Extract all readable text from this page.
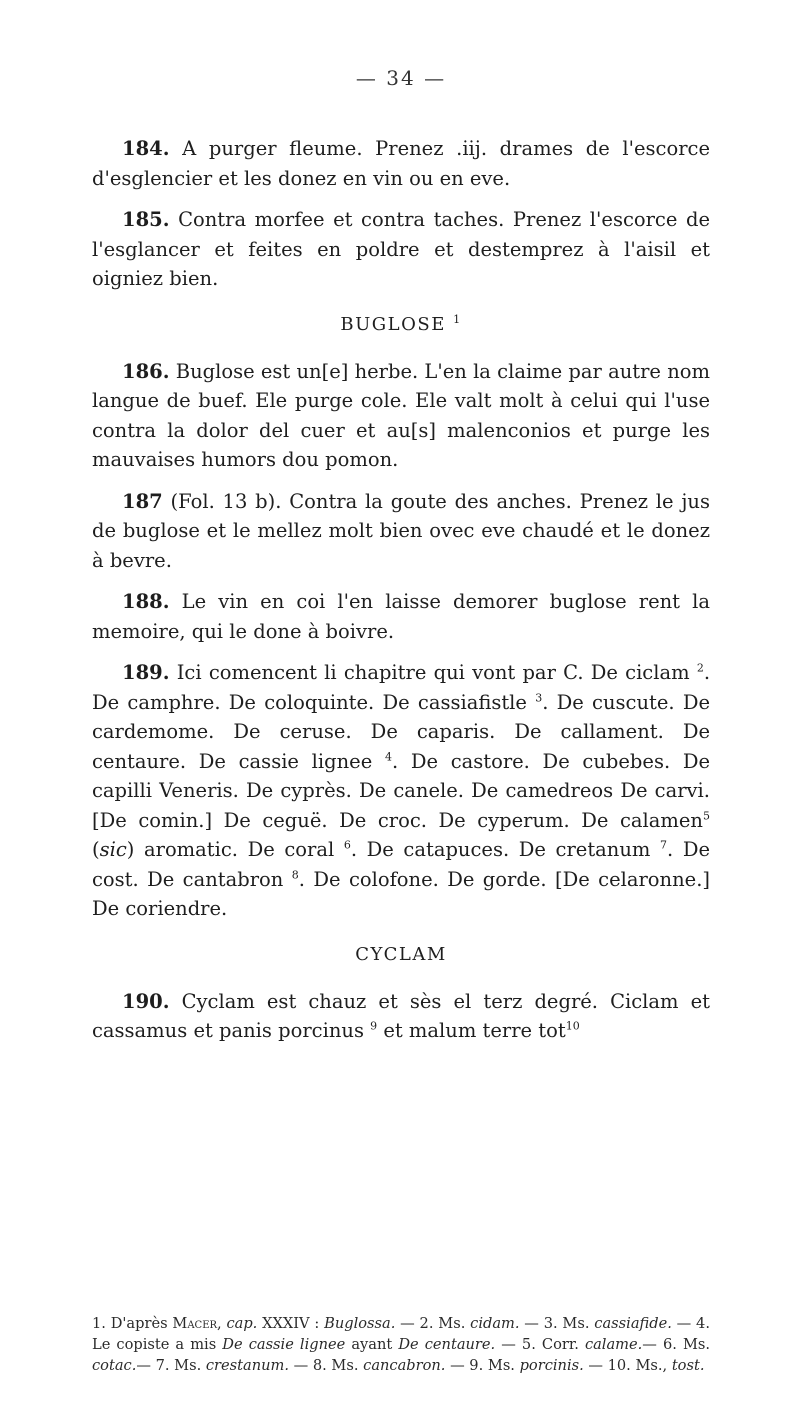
— 34 —

184. A purger fleume. Prenez .iij. drames de l'escorce d'esglencier et les donez en vin ou en eve.

185. Contra morfee et contra taches. Prenez l'escorce de l'esglancer et feites en poldre et destemprez à l'aisil et oigniez bien.

BUGLOSE $^1$

186. Buglose est un[e] herbe. L'en la claime par autre nom langue de buef. Ele purge cole. Ele valt molt à celui qui l'use contra la dolor del cuer et au[s] malenconios et purge les mauvaises humors dou pomon.

187 (Fol. 13 b). Contra la goute des anches. Prenez le jus de buglose et le mellez molt bien ovec eve chaudé et le donez à bevre.

188. Le vin en coi l'en laisse demorer buglose rent la memoire, qui le done à boivre.

189. Ici comencent li chapitre qui vont par C. De ciclam $^2$. De camphre. De coloquinte. De cassiafistle $^3$. De cuscute. De cardemome. De ceruse. De caparis. De callament. De centaure. De cassie lignee $^4$. De castore. De cubebes. De capilli Veneris. De cyprès. De canele. De camedreos De carvi. [De comin.] De ceguë. De croc. De cyperum. De calamen$^5$ (sic) aromatic. De coral $^6$. De catapuces. De cretanum $^7$. De cost. De cantabron $^8$. De colofone. De gorde. [De celaronne.] De coriendre.

CYCLAM

190. Cyclam est chauz et sès el terz degré. Ciclam et cassamus et panis porcinus $^9$ et malum terre tot$^{10}$

1. D'après Macer, cap. XXXIV : Buglossa. — 2. Ms. cidam. — 3. Ms. cassiafide. — 4. Le copiste a mis De cassie lignee ayant De centaure. — 5. Corr. calame.— 6. Ms. cotac.— 7. Ms. crestanum. — 8. Ms. cancabron. — 9. Ms. porcinis. — 10. Ms., tost.
